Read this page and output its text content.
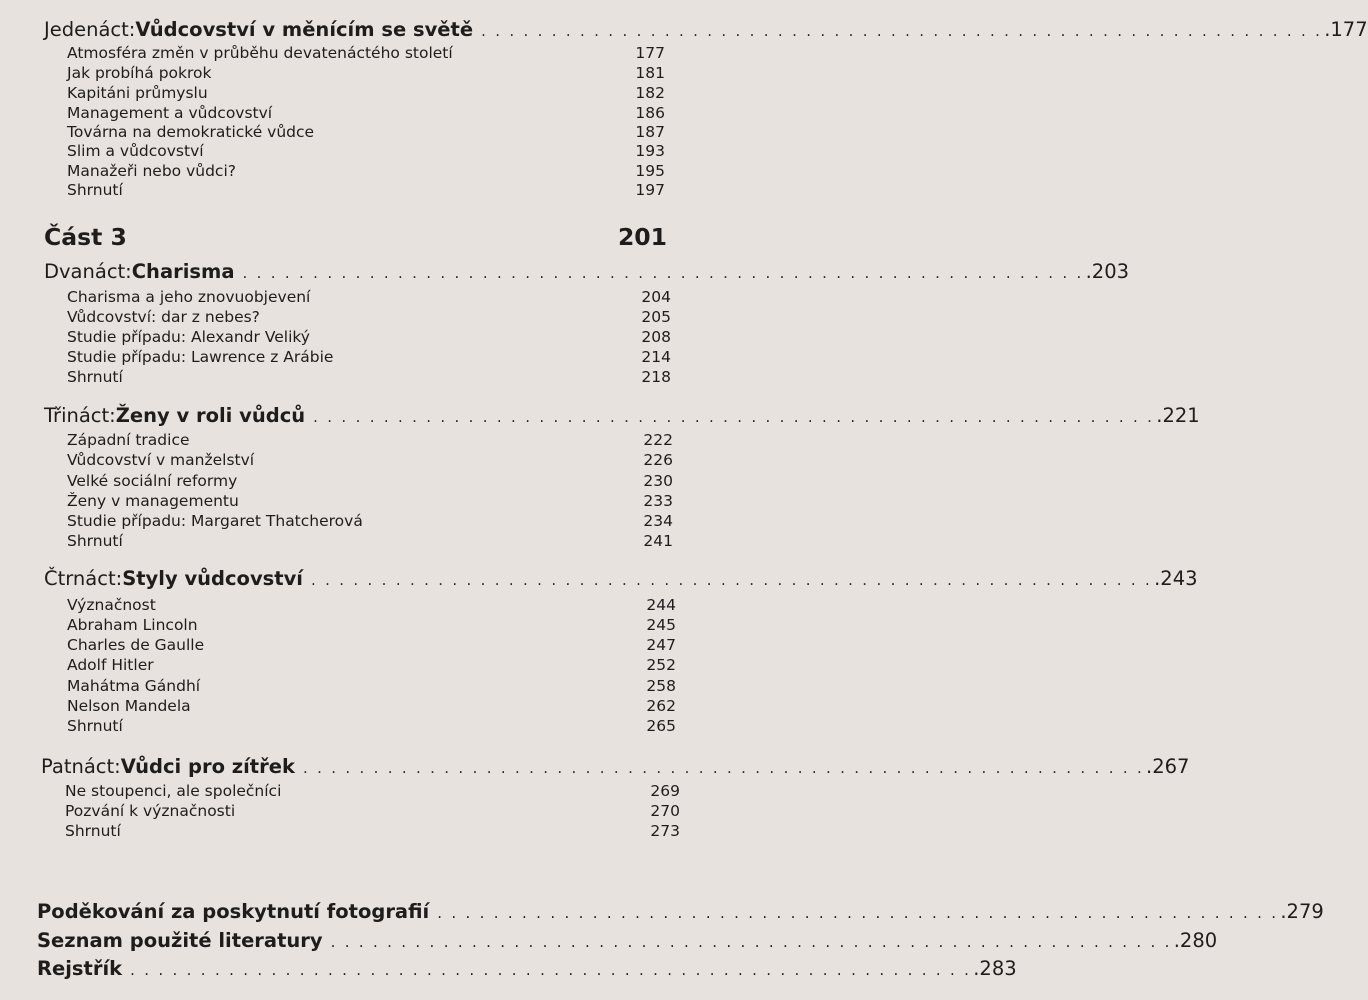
Jedenáct: Vůdcovství v měnícím se světě . . . . . . . . . . . . . . . . . . . . . . . . . . . . . . . . . . . . . . . . . . . . . . . . . . . . . . . . . . . . .177
Atmosféra změn v průběhu devatenáctého století	177
Jak probíhá pokrok	181
Kapitáni průmyslu	182
Management a vůdcovství	186
Továrna na demokratické vůdce	187
Slim a vůdcovství	193
Manažeři nebo vůdci?	195
Shrnutí	197
Část 3	201
Dvanáct: Charisma . . . . . . . . . . . . . . . . . . . . . . . . . . . . . . . . . . . . . . . . . . . . . . . . . . . . . . . . . . . . .203
Charisma a jeho znovuobjevení	204
Vůdcovství: dar z nebes?	205
Studie případu: Alexandr Veliký	208
Studie případu: Lawrence z Arábie	214
Shrnutí	218
Třináct: Ženy v roli vůdců . . . . . . . . . . . . . . . . . . . . . . . . . . . . . . . . . . . . . . . . . . . . . . . . . . . . . . . . . . . . .221
Západní tradice	222
Vůdcovství v manželství	226
Velké sociální reformy	230
Ženy v managementu	233
Studie případu: Margaret Thatcherová	234
Shrnutí	241
Čtrnáct: Styly vůdcovství . . . . . . . . . . . . . . . . . . . . . . . . . . . . . . . . . . . . . . . . . . . . . . . . . . . . . . . . . . . . .243
Význačnost	244
Abraham Lincoln	245
Charles de Gaulle	247
Adolf Hitler	252
Mahátma Gándhí	258
Nelson Mandela	262
Shrnutí	265
Patnáct: Vůdci pro zítřek . . . . . . . . . . . . . . . . . . . . . . . . . . . . . . . . . . . . . . . . . . . . . . . . . . . . . . . . . . . . .267
Ne stoupenci, ale společníci	269
Pozvání k význačnosti	270
Shrnutí	273
Poděkování za poskytnutí fotografií . . . . . . . . . . . . . . . . . . . . . . . . . . . . . . . . . . . . . . . . . . . . . . . . . . . . . . . . . . . . .279
Seznam použité literatury . . . . . . . . . . . . . . . . . . . . . . . . . . . . . . . . . . . . . . . . . . . . . . . . . . . . . . . . . . . . .280
Rejstřík . . . . . . . . . . . . . . . . . . . . . . . . . . . . . . . . . . . . . . . . . . . . . . . . . . . . . . . . . . . . .283
